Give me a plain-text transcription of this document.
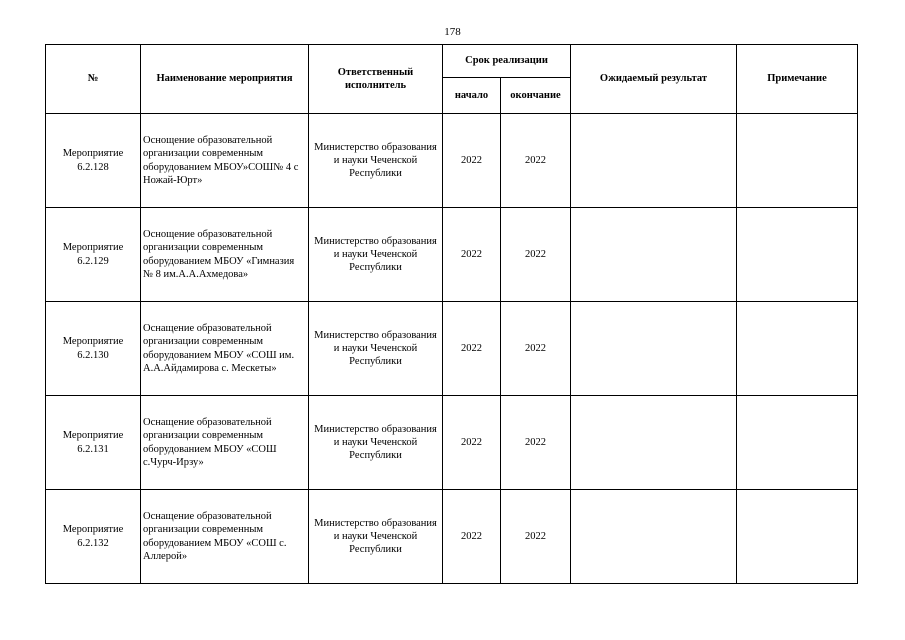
178
№	Наименование мероприятия	Ответственный исполнитель	Срок реализации		Ожидаемый результат	Примечание
			начало	окончание		

Мероприятие
6.2.128	Оснощение образовательной организации современным оборудованием МБОУ»СОШ№ 4 с Ножай-Юрт»	Министерство образования и науки Чеченской Республики	2022	2022		

Мероприятие
6.2.129	Оснощение образовательной организации современным оборудованием МБОУ «Гимназия № 8 им.А.А.Ахмедова»	Министерство образования и науки Чеченской Республики	2022	2022		

Мероприятие
6.2.130	Оснащение образовательной организации современным оборудованием МБОУ «СОШ им. А.А.Айдамирова с. Мескеты»	Министерство образования и науки Чеченской Республики	2022	2022		

Мероприятие
6.2.131	Оснащение образовательной организации современным оборудованием МБОУ «СОШ с.Чурч-Ирзу»	Министерство образования и науки Чеченской Республики	2022	2022		

Мероприятие
6.2.132	Оснащение образовательной организации современным оборудованием МБОУ «СОШ с. Аллерой»	Министерство образования и науки Чеченской Республики	2022	2022		
